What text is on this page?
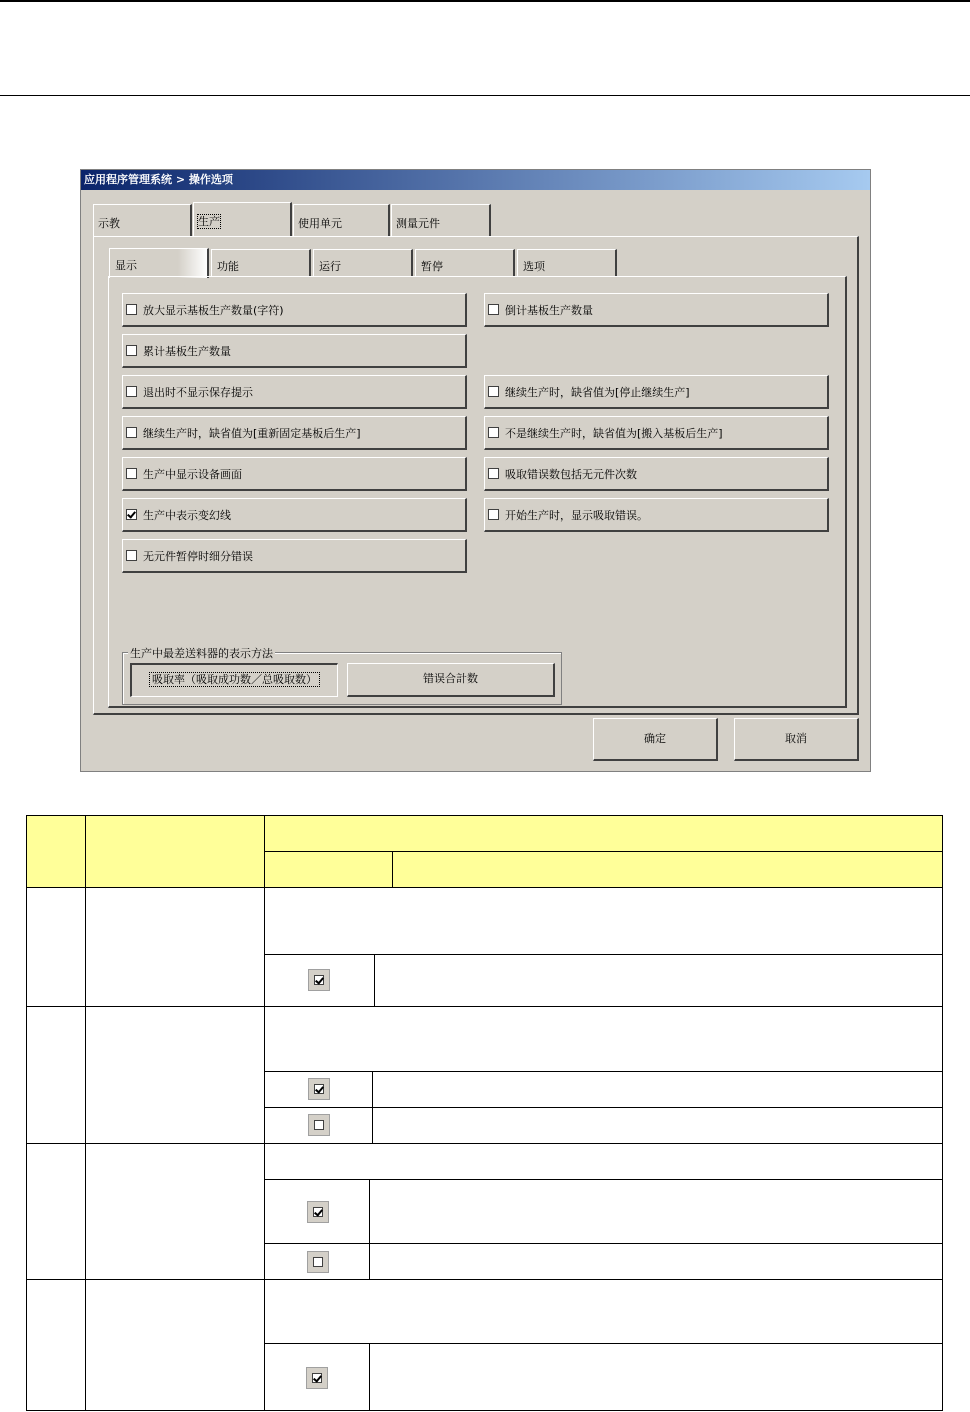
应用程序管理系统 > 操作选项
示教	生产	使用单元	测量元件
显示	功能	运行	暂停	选项
放大显示基板生产数量(字符)	倒计基板生产数量
累计基板生产数量
退出时不显示保存提示	继续生产时，缺省值为[停止继续生产]
继续生产时，缺省值为[重新固定基板后生产]	不是继续生产时，缺省值为[搬入基板后生产]
生产中显示设备画面	吸取错误数包括无元件次数
生产中表示变幻线	开始生产时，显示吸取错误。
无元件暂停时细分错误
生产中最差送料器的表示方法
吸取率（吸取成功数／总吸取数）	错误合計数
确定	取消
